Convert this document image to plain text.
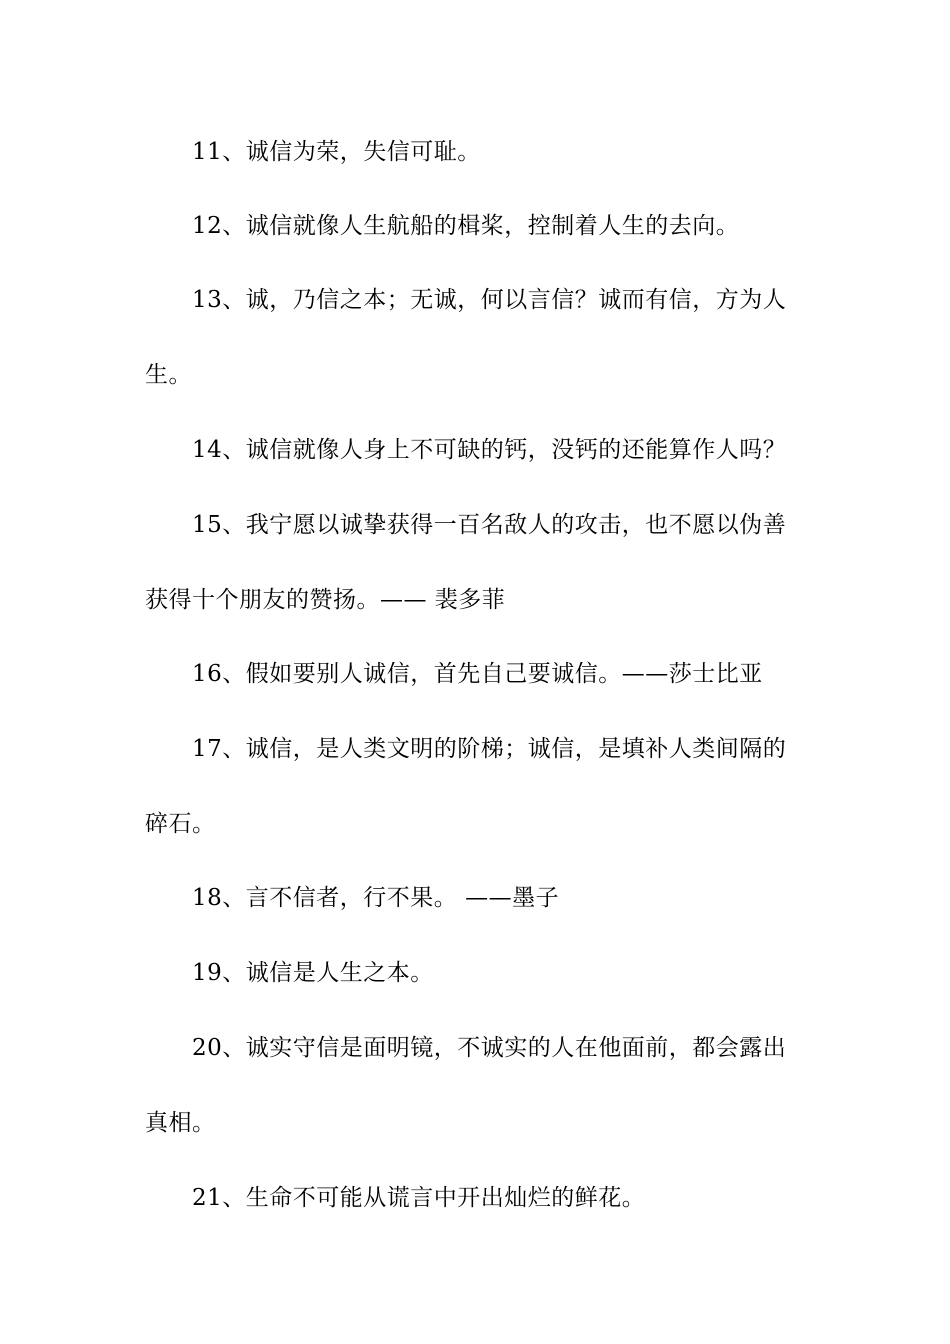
11、诚信为荣，失信可耻。
12、诚信就像人生航船的楫桨，控制着人生的去向。
13、诚，乃信之本；无诚，何以言信？诚而有信，方为人
生。
14、诚信就像人身上不可缺的钙，没钙的还能算作人吗？
15、我宁愿以诚挚获得一百名敌人的攻击，也不愿以伪善
获得十个朋友的赞扬。—— 裴多菲
16、假如要别人诚信，首先自己要诚信。——莎士比亚
17、诚信，是人类文明的阶梯；诚信，是填补人类间隔的
碎石。
18、言不信者，行不果。 ——墨子
19、诚信是人生之本。
20、诚实守信是面明镜，不诚实的人在他面前，都会露出
真相。
21、生命不可能从谎言中开出灿烂的鲜花。
